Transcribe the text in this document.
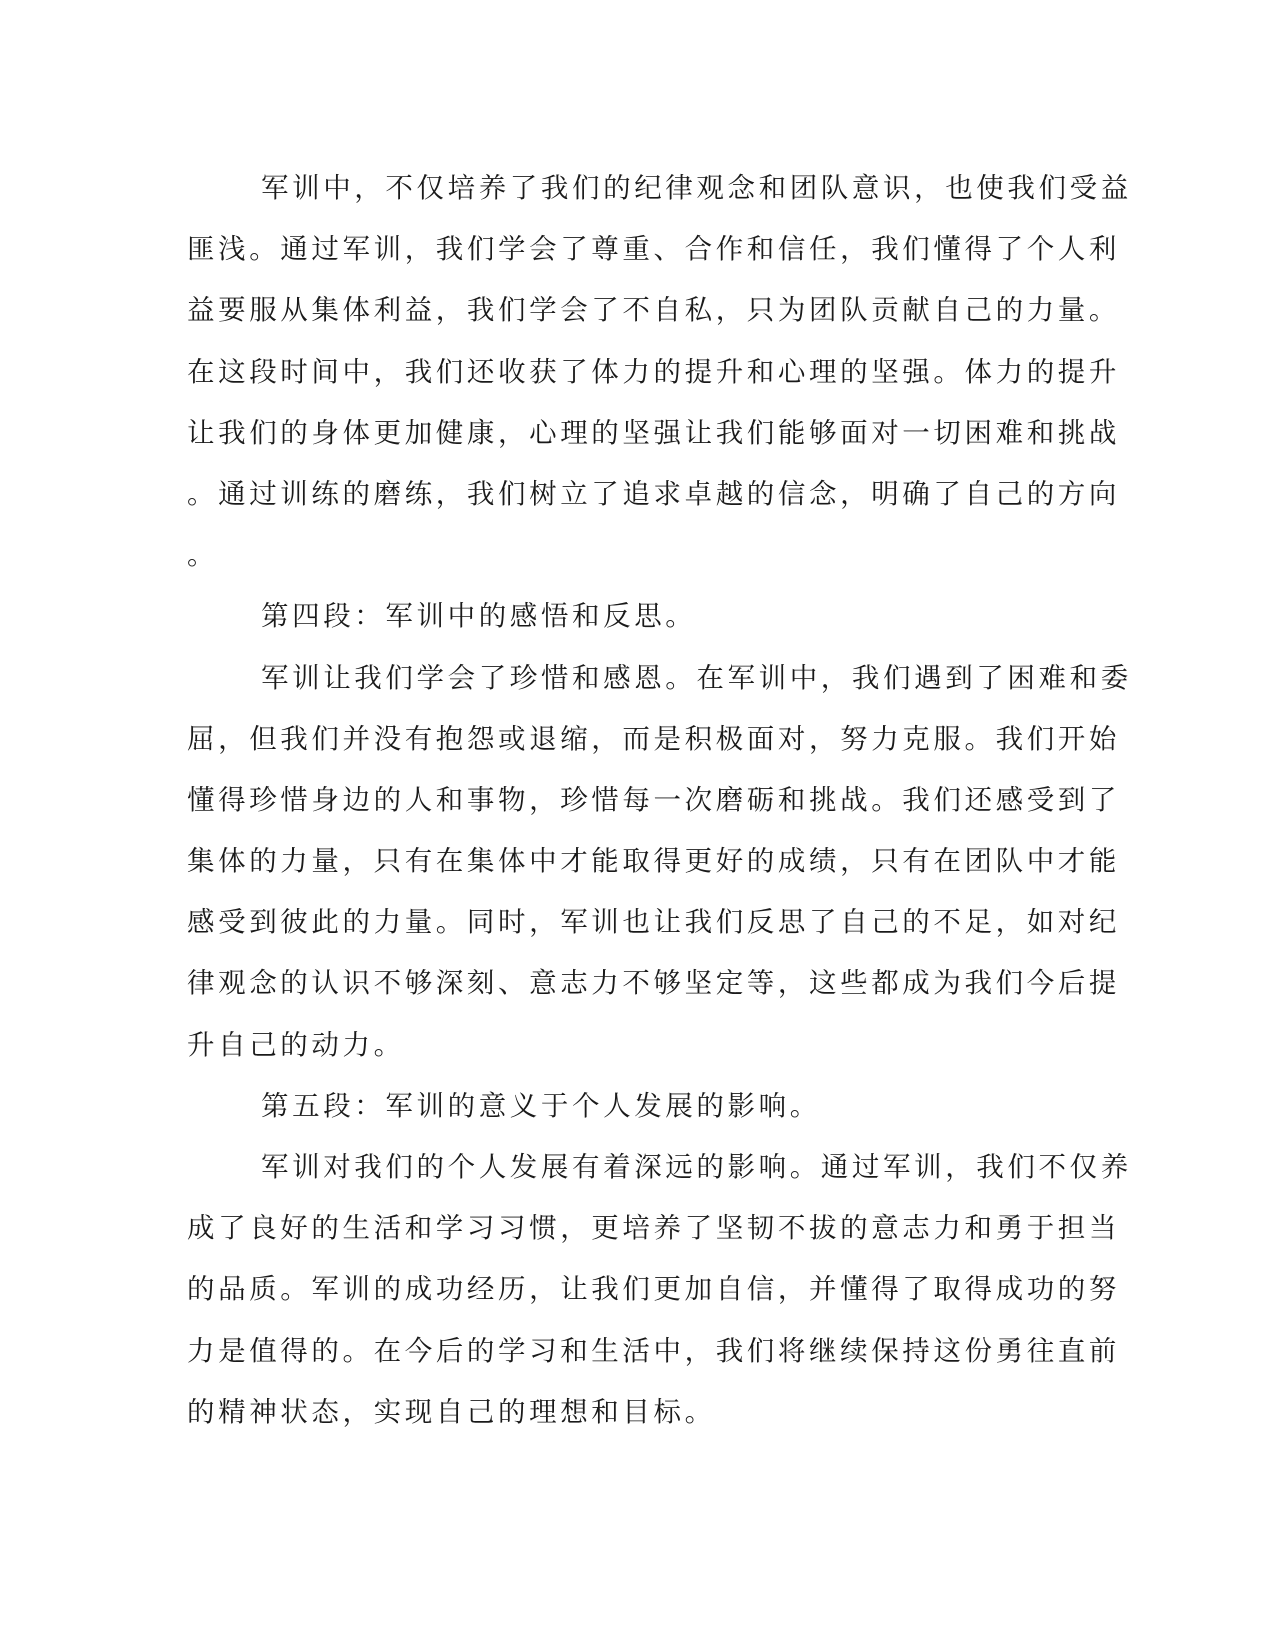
军训中，不仅培养了我们的纪律观念和团队意识，也使我们受益
匪浅。通过军训，我们学会了尊重、合作和信任，我们懂得了个人利
益要服从集体利益，我们学会了不自私，只为团队贡献自己的力量。
在这段时间中，我们还收获了体力的提升和心理的坚强。体力的提升
让我们的身体更加健康，心理的坚强让我们能够面对一切困难和挑战
。通过训练的磨练，我们树立了追求卓越的信念，明确了自己的方向
。
第四段：军训中的感悟和反思。
军训让我们学会了珍惜和感恩。在军训中，我们遇到了困难和委
屈，但我们并没有抱怨或退缩，而是积极面对，努力克服。我们开始
懂得珍惜身边的人和事物，珍惜每一次磨砺和挑战。我们还感受到了
集体的力量，只有在集体中才能取得更好的成绩，只有在团队中才能
感受到彼此的力量。同时，军训也让我们反思了自己的不足，如对纪
律观念的认识不够深刻、意志力不够坚定等，这些都成为我们今后提
升自己的动力。
第五段：军训的意义于个人发展的影响。
军训对我们的个人发展有着深远的影响。通过军训，我们不仅养
成了良好的生活和学习习惯，更培养了坚韧不拔的意志力和勇于担当
的品质。军训的成功经历，让我们更加自信，并懂得了取得成功的努
力是值得的。在今后的学习和生活中，我们将继续保持这份勇往直前
的精神状态，实现自己的理想和目标。
